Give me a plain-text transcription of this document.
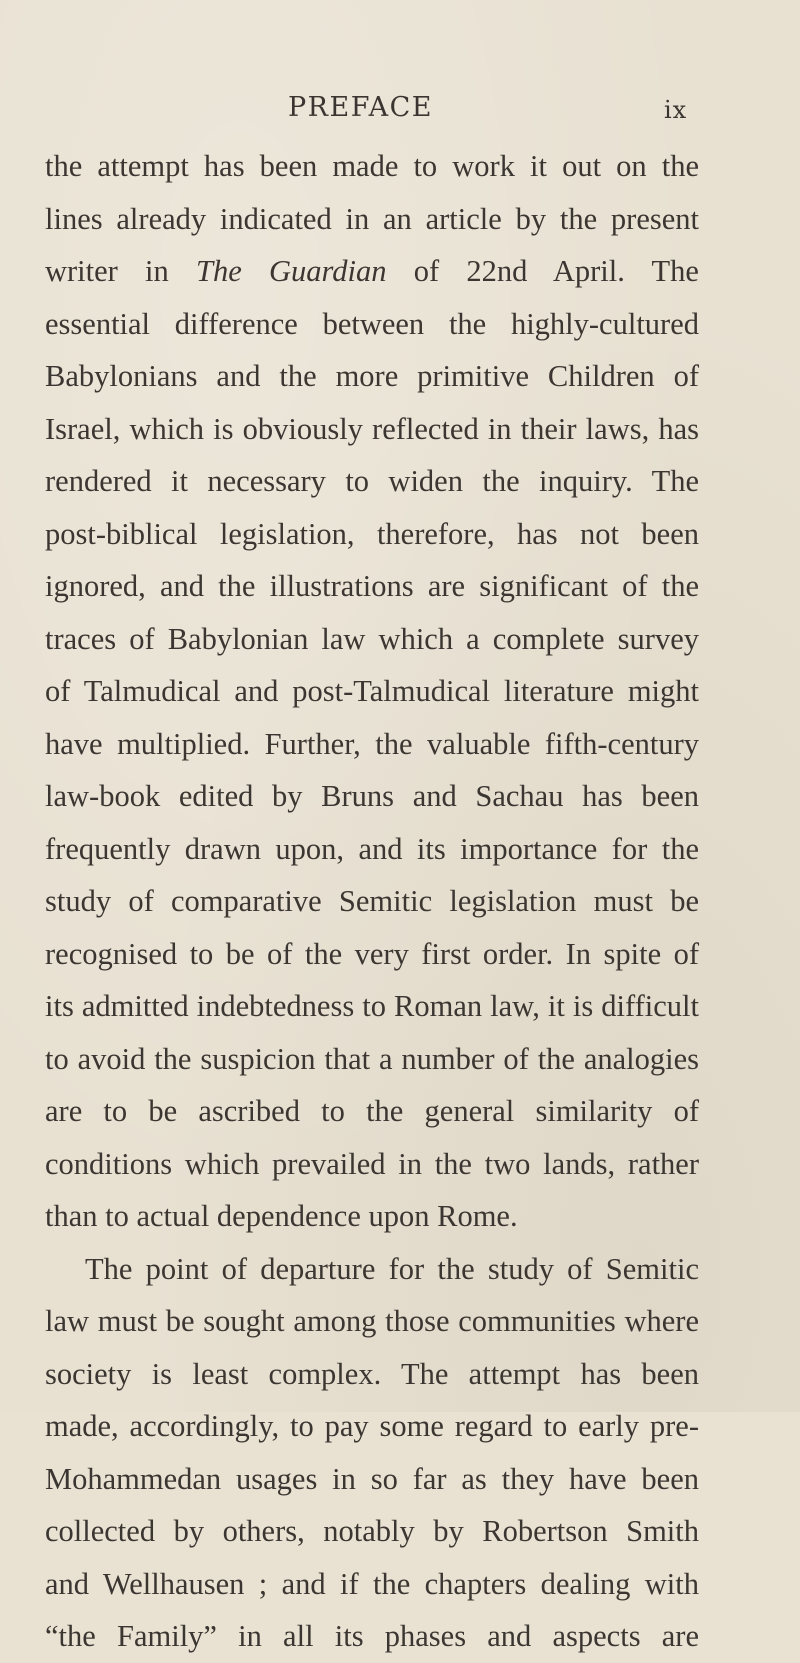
PREFACE	ix
the attempt has been made to work it out on the
lines already indicated in an article by the present
writer in The Guardian of 22nd April. The
essential difference between the highly-cultured
Babylonians and the more primitive Children of
Israel, which is obviously reflected in their laws, has
rendered it necessary to widen the inquiry. The
post-biblical legislation, therefore, has not been
ignored, and the illustrations are significant of the
traces of Babylonian law which a complete survey
of Talmudical and post-Talmudical literature might
have multiplied. Further, the valuable fifth-century
law-book edited by Bruns and Sachau has been
frequently drawn upon, and its importance for the
study of comparative Semitic legislation must be
recognised to be of the very first order. In spite of
its admitted indebtedness to Roman law, it is difficult
to avoid the suspicion that a number of the analogies
are to be ascribed to the general similarity of
conditions which prevailed in the two lands, rather
than to actual dependence upon Rome.
The point of departure for the study of Semitic
law must be sought among those communities where
society is least complex. The attempt has been
made, accordingly, to pay some regard to early pre-
Mohammedan usages in so far as they have been
collected by others, notably by Robertson Smith
and Wellhausen ; and if the chapters dealing with
“the Family” in all its phases and aspects are
